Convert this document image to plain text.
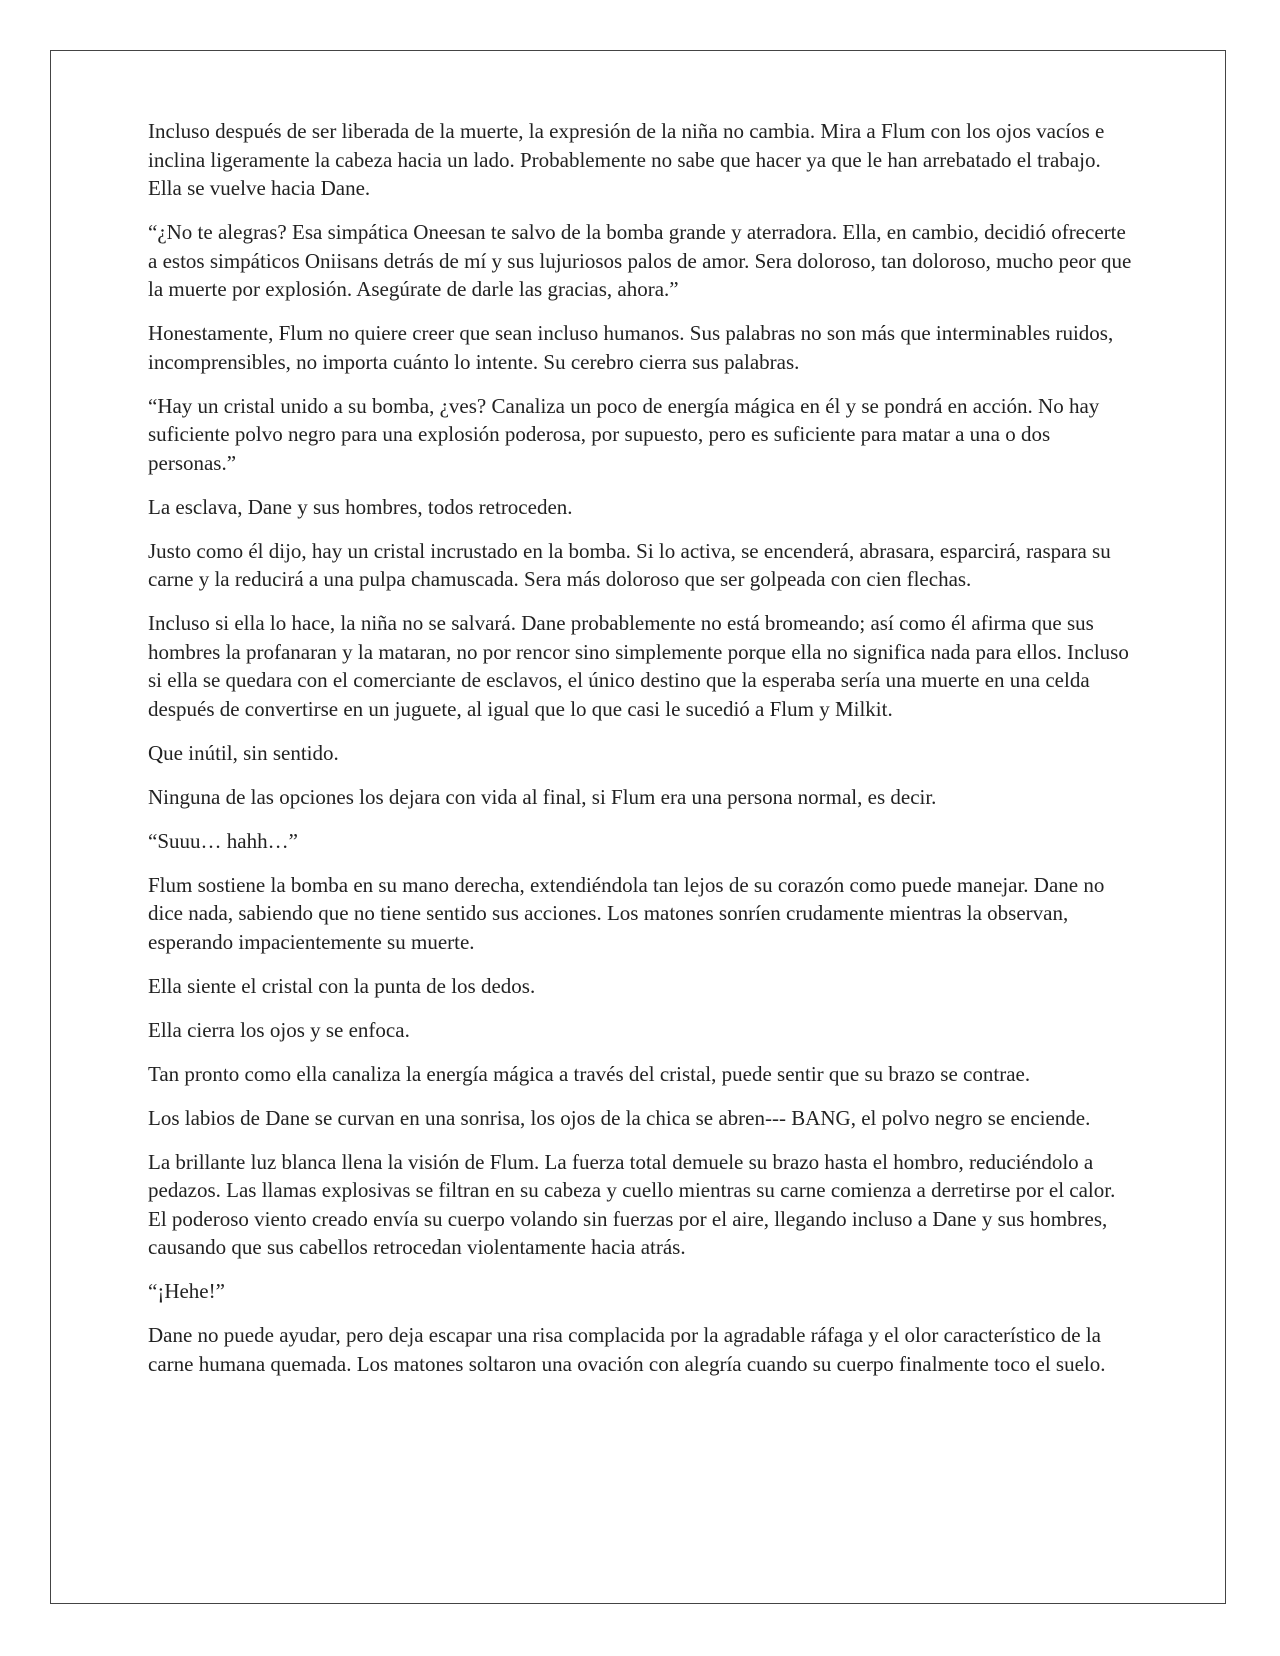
Incluso después de ser liberada de la muerte, la expresión de la niña no cambia. Mira a Flum con los ojos vacíos e inclina ligeramente la cabeza hacia un lado. Probablemente no sabe que hacer ya que le han arrebatado el trabajo. Ella se vuelve hacia Dane.

“¿No te alegras? Esa simpática Oneesan te salvo de la bomba grande y aterradora. Ella, en cambio, decidió ofrecerte a estos simpáticos Oniisans detrás de mí y sus lujuriosos palos de amor. Sera doloroso, tan doloroso, mucho peor que la muerte por explosión. Asegúrate de darle las gracias, ahora.”

Honestamente, Flum no quiere creer que sean incluso humanos. Sus palabras no son más que interminables ruidos, incomprensibles, no importa cuánto lo intente. Su cerebro cierra sus palabras.

“Hay un cristal unido a su bomba, ¿ves? Canaliza un poco de energía mágica en él y se pondrá en acción. No hay suficiente polvo negro para una explosión poderosa, por supuesto, pero es suficiente para matar a una o dos personas.”

La esclava, Dane y sus hombres, todos retroceden.

Justo como él dijo, hay un cristal incrustado en la bomba. Si lo activa, se encenderá, abrasara, esparcirá, raspara su carne y la reducirá a una pulpa chamuscada. Sera más doloroso que ser golpeada con cien flechas.

Incluso si ella lo hace, la niña no se salvará. Dane probablemente no está bromeando; así como él afirma que sus hombres la profanaran y la mataran, no por rencor sino simplemente porque ella no significa nada para ellos. Incluso si ella se quedara con el comerciante de esclavos, el único destino que la esperaba sería una muerte en una celda después de convertirse en un juguete, al igual que lo que casi le sucedió a Flum y Milkit.

Que inútil, sin sentido.

Ninguna de las opciones los dejara con vida al final, si Flum era una persona normal, es decir.

“Suuu… hahh…”

Flum sostiene la bomba en su mano derecha, extendiéndola tan lejos de su corazón como puede manejar. Dane no dice nada, sabiendo que no tiene sentido sus acciones. Los matones sonríen crudamente mientras la observan, esperando impacientemente su muerte.

Ella siente el cristal con la punta de los dedos.

Ella cierra los ojos y se enfoca.

Tan pronto como ella canaliza la energía mágica a través del cristal, puede sentir que su brazo se contrae.

Los labios de Dane se curvan en una sonrisa, los ojos de la chica se abren--- BANG, el polvo negro se enciende.

La brillante luz blanca llena la visión de Flum. La fuerza total demuele su brazo hasta el hombro, reduciéndolo a pedazos. Las llamas explosivas se filtran en su cabeza y cuello mientras su carne comienza a derretirse por el calor. El poderoso viento creado envía su cuerpo volando sin fuerzas por el aire, llegando incluso a Dane y sus hombres, causando que sus cabellos retrocedan violentamente hacia atrás.

“¡Hehe!”

Dane no puede ayudar, pero deja escapar una risa complacida por la agradable ráfaga y el olor característico de la carne humana quemada. Los matones soltaron una ovación con alegría cuando su cuerpo finalmente toco el suelo.
